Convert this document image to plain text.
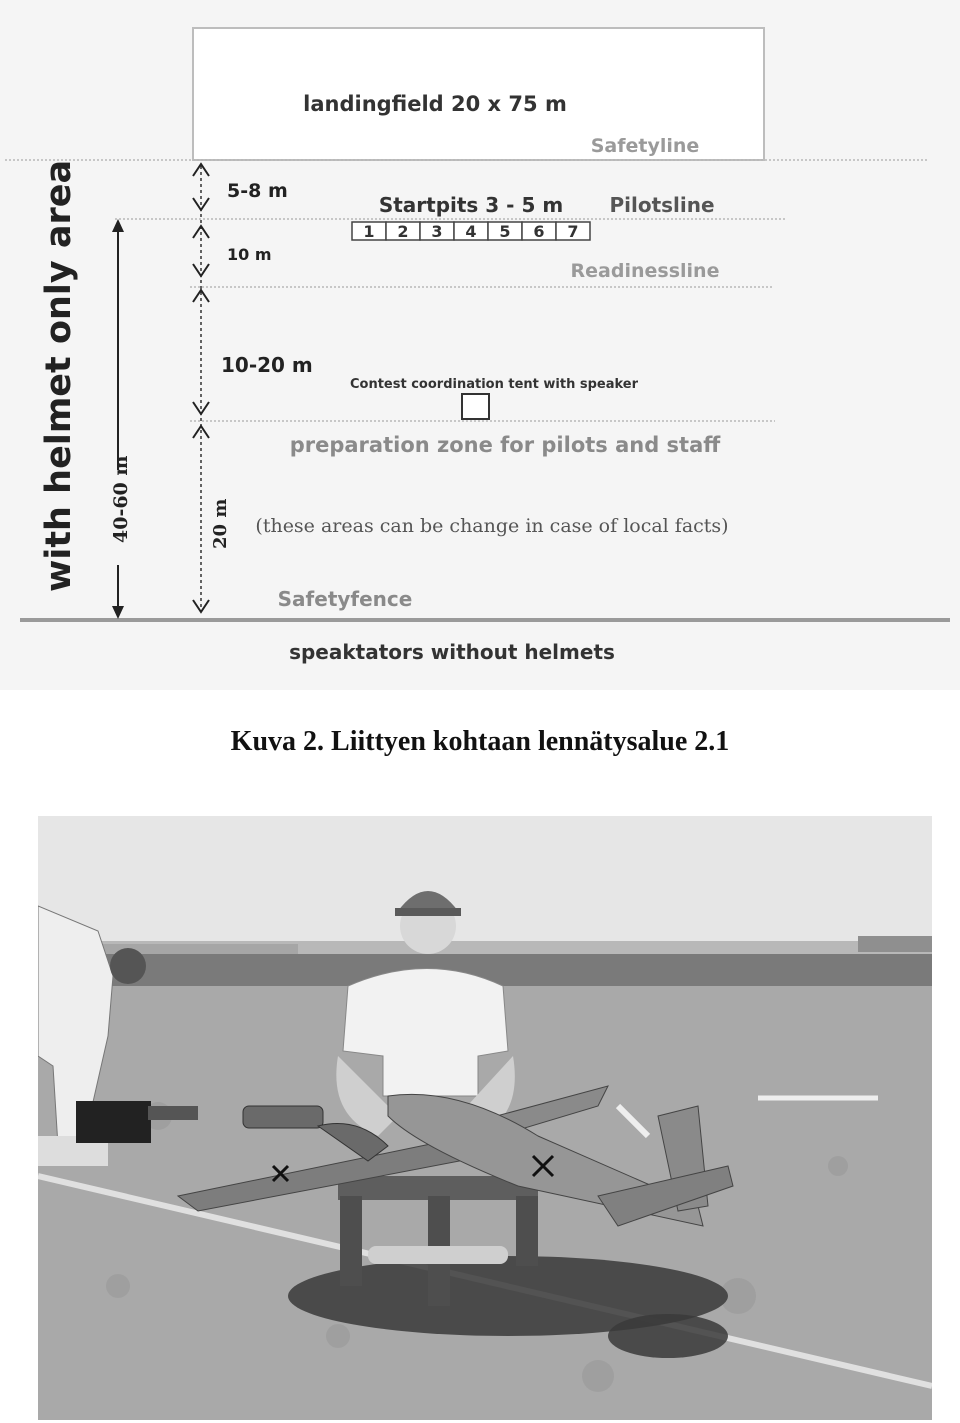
landingfield 20 x 75 m
Safetyline
40-60 m
with helmet only area	5-8 m
10 m
10-20 m
20 m
Startpits 3 - 5 m Pilotsline
1 2 3 4 5 6 7
Readinessline
Contest coordination tent with speaker
preparation zone for pilots and staff
(these areas can be change in case of local facts)
Safetyfence
speaktators without helmets
Kuva 2. Liittyen kohtaan lennätysalue 2.1
